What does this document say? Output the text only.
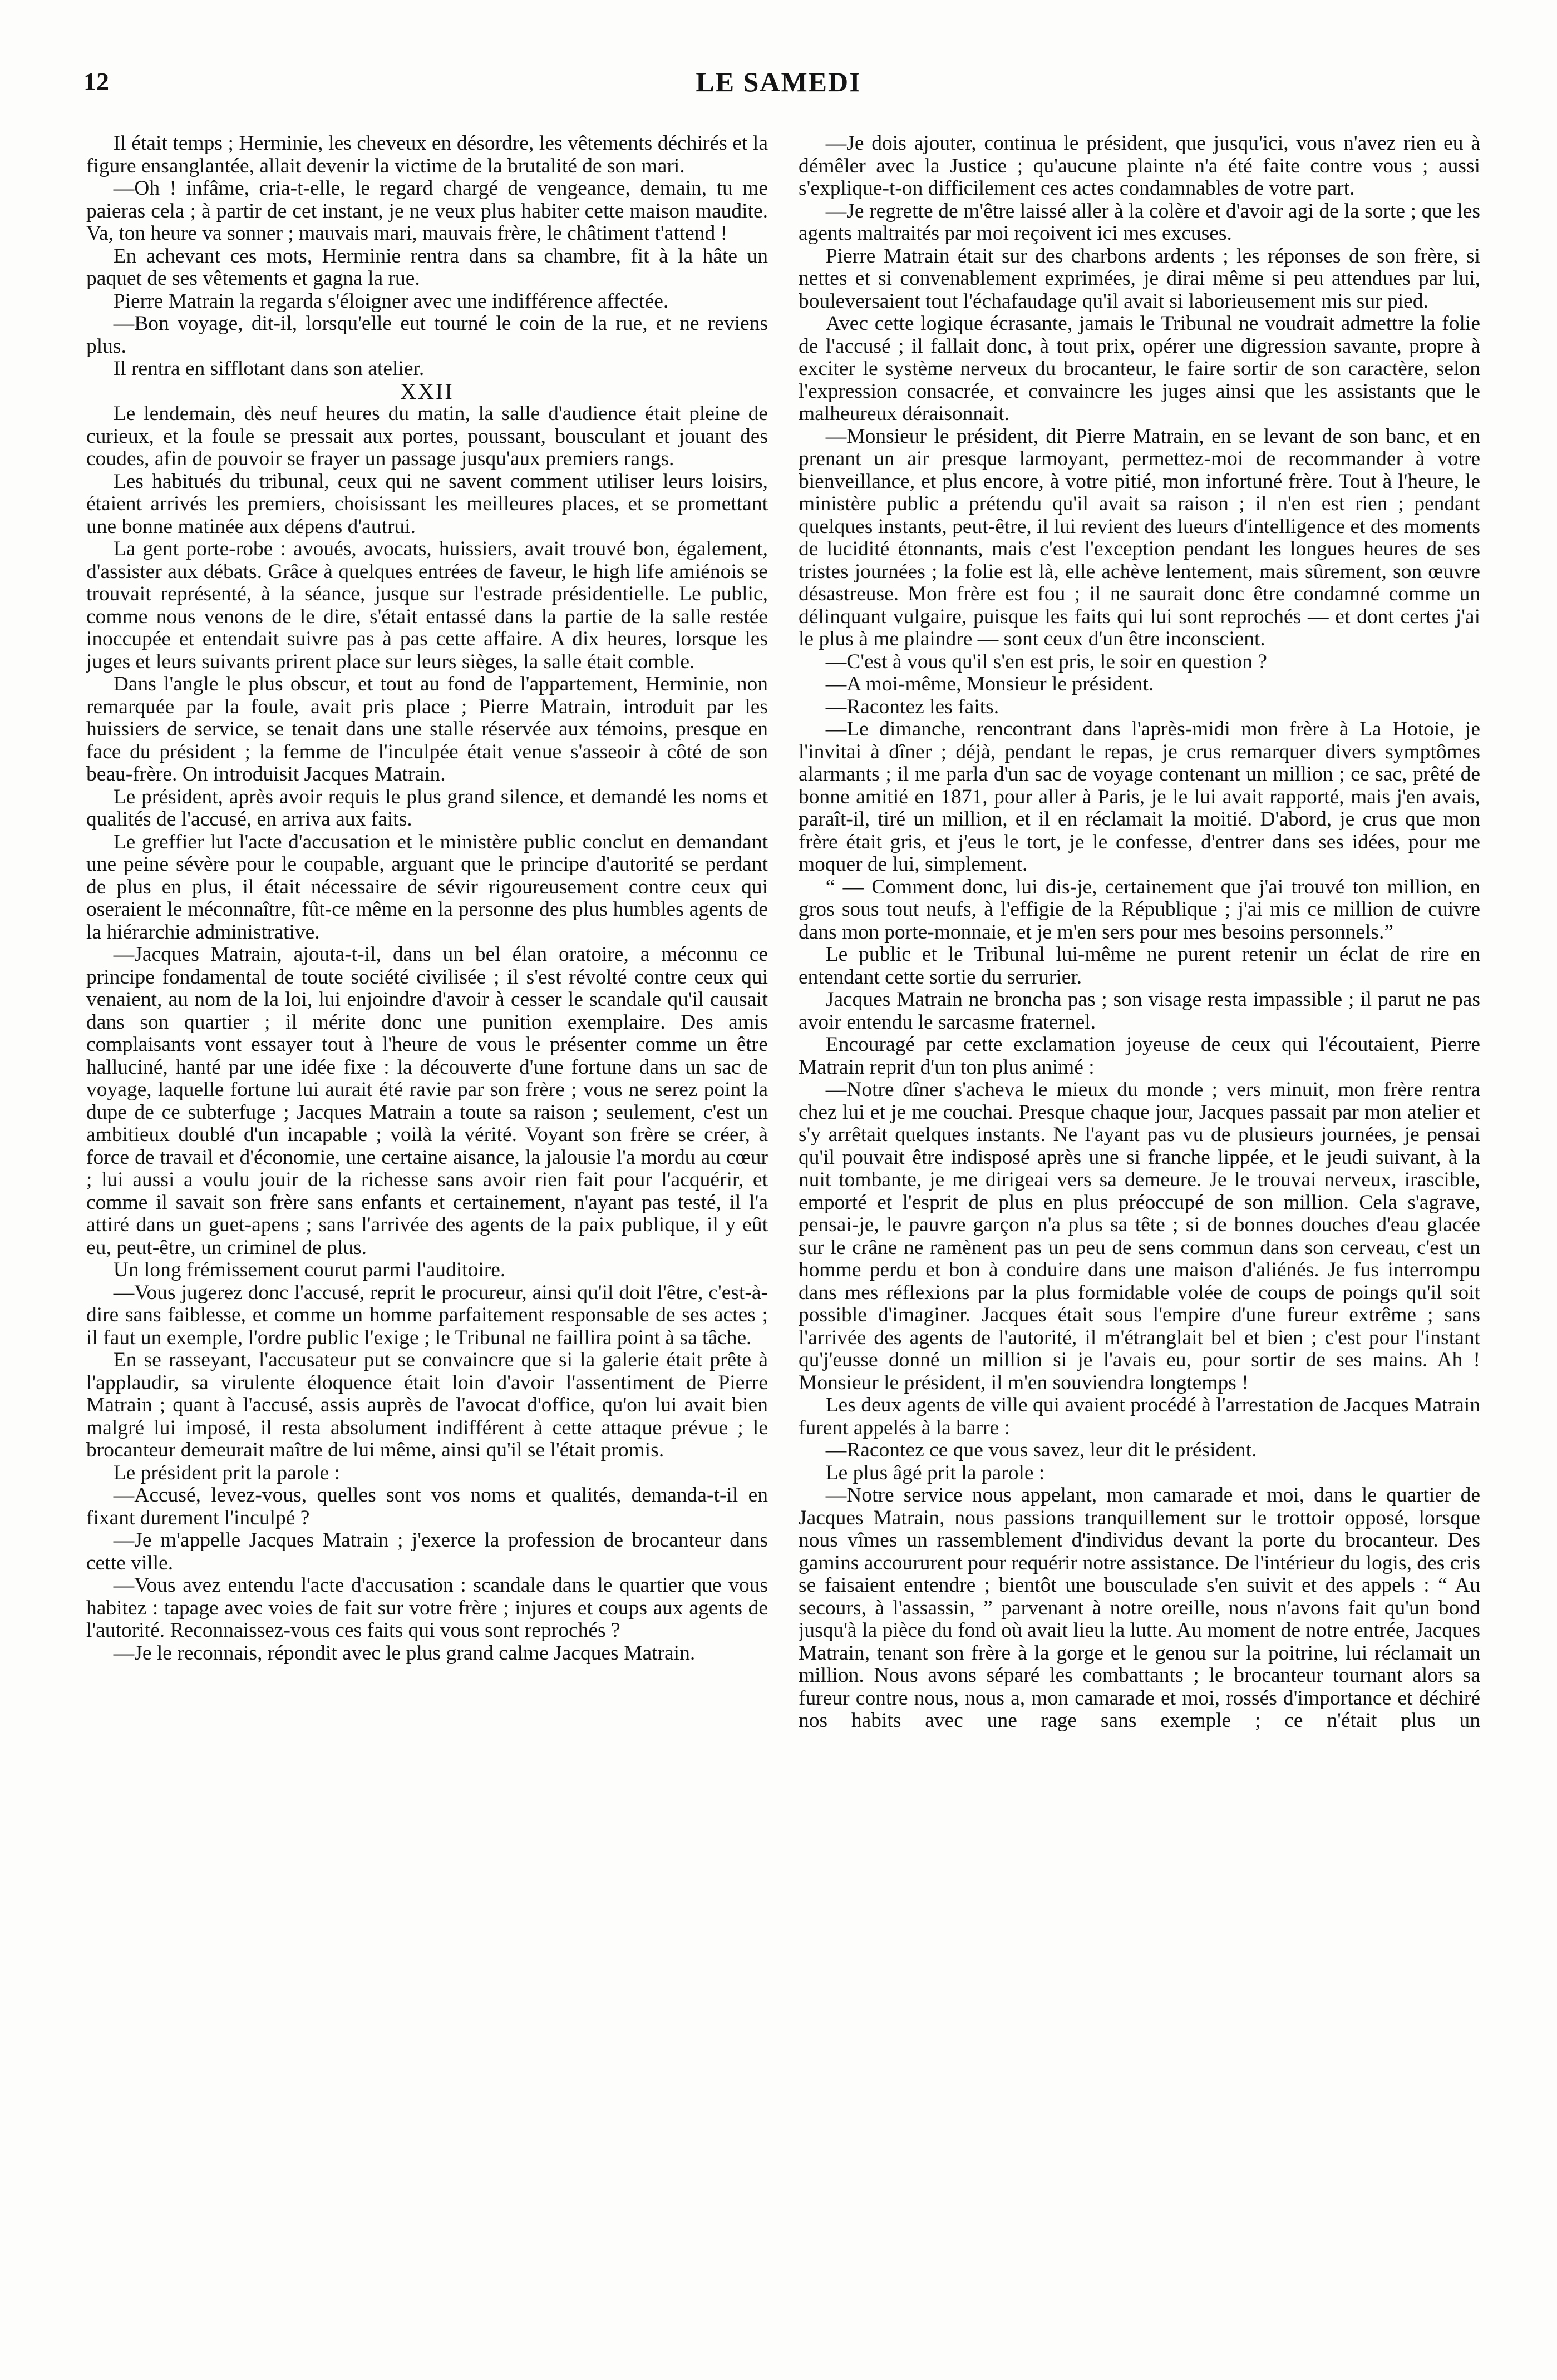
12	LE SAMEDI

Il était temps ; Herminie, les cheveux en désordre, les vêtements déchirés et la figure ensanglantée, allait devenir la victime de la brutalité de son mari.

—Oh ! infâme, cria-t-elle, le regard chargé de vengeance, demain, tu me paieras cela ; à partir de cet instant, je ne veux plus habiter cette maison maudite. Va, ton heure va sonner ; mauvais mari, mauvais frère, le châtiment t'attend !

En achevant ces mots, Herminie rentra dans sa chambre, fit à la hâte un paquet de ses vêtements et gagna la rue.

Pierre Matrain la regarda s'éloigner avec une indifférence affectée.

—Bon voyage, dit-il, lorsqu'elle eut tourné le coin de la rue, et ne reviens plus.

Il rentra en sifflotant dans son atelier.

XXII

Le lendemain, dès neuf heures du matin, la salle d'audience était pleine de curieux, et la foule se pressait aux portes, poussant, bousculant et jouant des coudes, afin de pouvoir se frayer un passage jusqu'aux premiers rangs.

Les habitués du tribunal, ceux qui ne savent comment utiliser leurs loisirs, étaient arrivés les premiers, choisissant les meilleures places, et se promettant une bonne matinée aux dépens d'autrui.

La gent porte-robe : avoués, avocats, huissiers, avait trouvé bon, également, d'assister aux débats. Grâce à quelques entrées de faveur, le high life amiénois se trouvait représenté, à la séance, jusque sur l'estrade présidentielle. Le public, comme nous venons de le dire, s'était entassé dans la partie de la salle restée inoccupée et entendait suivre pas à pas cette affaire. A dix heures, lorsque les juges et leurs suivants prirent place sur leurs sièges, la salle était comble.

Dans l'angle le plus obscur, et tout au fond de l'appartement, Herminie, non remarquée par la foule, avait pris place ; Pierre Matrain, introduit par les huissiers de service, se tenait dans une stalle réservée aux témoins, presque en face du président ; la femme de l'inculpée était venue s'asseoir à côté de son beau-frère. On introduisit Jacques Matrain.

Le président, après avoir requis le plus grand silence, et demandé les noms et qualités de l'accusé, en arriva aux faits.

Le greffier lut l'acte d'accusation et le ministère public conclut en demandant une peine sévère pour le coupable, arguant que le principe d'autorité se perdant de plus en plus, il était nécessaire de sévir rigoureusement contre ceux qui oseraient le méconnaître, fût-ce même en la personne des plus humbles agents de la hiérarchie administrative.

—Jacques Matrain, ajouta-t-il, dans un bel élan oratoire, a méconnu ce principe fondamental de toute société civilisée ; il s'est révolté contre ceux qui venaient, au nom de la loi, lui enjoindre d'avoir à cesser le scandale qu'il causait dans son quartier ; il mérite donc une punition exemplaire. Des amis complaisants vont essayer tout à l'heure de vous le présenter comme un être halluciné, hanté par une idée fixe : la découverte d'une fortune dans un sac de voyage, laquelle fortune lui aurait été ravie par son frère ; vous ne serez point la dupe de ce subterfuge ; Jacques Matrain a toute sa raison ; seulement, c'est un ambitieux doublé d'un incapable ; voilà la vérité. Voyant son frère se créer, à force de travail et d'économie, une certaine aisance, la jalousie l'a mordu au cœur ; lui aussi a voulu jouir de la richesse sans avoir rien fait pour l'acquérir, et comme il savait son frère sans enfants et certainement, n'ayant pas testé, il l'a attiré dans un guet-apens ; sans l'arrivée des agents de la paix publique, il y eût eu, peut-être, un criminel de plus.

Un long frémissement courut parmi l'auditoire.

—Vous jugerez donc l'accusé, reprit le procureur, ainsi qu'il doit l'être, c'est-à-dire sans faiblesse, et comme un homme parfaitement responsable de ses actes ; il faut un exemple, l'ordre public l'exige ; le Tribunal ne faillira point à sa tâche.

En se rasseyant, l'accusateur put se convaincre que si la galerie était prête à l'applaudir, sa virulente éloquence était loin d'avoir l'assentiment de Pierre Matrain ; quant à l'accusé, assis auprès de l'avocat d'office, qu'on lui avait bien malgré lui imposé, il resta absolument indifférent à cette attaque prévue ; le brocanteur demeurait maître de lui même, ainsi qu'il se l'était promis.

Le président prit la parole :

—Accusé, levez-vous, quelles sont vos noms et qualités, demanda-t-il en fixant durement l'inculpé ?

—Je m'appelle Jacques Matrain ; j'exerce la profession de brocanteur dans cette ville.

—Vous avez entendu l'acte d'accusation : scandale dans le quartier que vous habitez : tapage avec voies de fait sur votre frère ; injures et coups aux agents de l'autorité. Reconnaissez-vous ces faits qui vous sont reprochés ?

—Je le reconnais, répondit avec le plus grand calme Jacques Matrain.

—Je dois ajouter, continua le président, que jusqu'ici, vous n'avez rien eu à démêler avec la Justice ; qu'aucune plainte n'a été faite contre vous ; aussi s'explique-t-on difficilement ces actes condamnables de votre part.

—Je regrette de m'être laissé aller à la colère et d'avoir agi de la sorte ; que les agents maltraités par moi reçoivent ici mes excuses.

Pierre Matrain était sur des charbons ardents ; les réponses de son frère, si nettes et si convenablement exprimées, je dirai même si peu attendues par lui, bouleversaient tout l'échafaudage qu'il avait si laborieusement mis sur pied.

Avec cette logique écrasante, jamais le Tribunal ne voudrait admettre la folie de l'accusé ; il fallait donc, à tout prix, opérer une digression savante, propre à exciter le système nerveux du brocanteur, le faire sortir de son caractère, selon l'expression consacrée, et convaincre les juges ainsi que les assistants que le malheureux déraisonnait.

—Monsieur le président, dit Pierre Matrain, en se levant de son banc, et en prenant un air presque larmoyant, permettez-moi de recommander à votre bienveillance, et plus encore, à votre pitié, mon infortuné frère. Tout à l'heure, le ministère public a prétendu qu'il avait sa raison ; il n'en est rien ; pendant quelques instants, peut-être, il lui revient des lueurs d'intelligence et des moments de lucidité étonnants, mais c'est l'exception pendant les longues heures de ses tristes journées ; la folie est là, elle achève lentement, mais sûrement, son œuvre désastreuse. Mon frère est fou ; il ne saurait donc être condamné comme un délinquant vulgaire, puisque les faits qui lui sont reprochés — et dont certes j'ai le plus à me plaindre — sont ceux d'un être inconscient.

—C'est à vous qu'il s'en est pris, le soir en question ?

—A moi-même, Monsieur le président.

—Racontez les faits.

—Le dimanche, rencontrant dans l'après-midi mon frère à La Hotoie, je l'invitai à dîner ; déjà, pendant le repas, je crus remarquer divers symptômes alarmants ; il me parla d'un sac de voyage contenant un million ; ce sac, prêté de bonne amitié en 1871, pour aller à Paris, je le lui avait rapporté, mais j'en avais, paraît-il, tiré un million, et il en réclamait la moitié. D'abord, je crus que mon frère était gris, et j'eus le tort, je le confesse, d'entrer dans ses idées, pour me moquer de lui, simplement.

“ — Comment donc, lui dis-je, certainement que j'ai trouvé ton million, en gros sous tout neufs, à l'effigie de la République ; j'ai mis ce million de cuivre dans mon porte-monnaie, et je m'en sers pour mes besoins personnels.”

Le public et le Tribunal lui-même ne purent retenir un éclat de rire en entendant cette sortie du serrurier.

Jacques Matrain ne broncha pas ; son visage resta impassible ; il parut ne pas avoir entendu le sarcasme fraternel.

Encouragé par cette exclamation joyeuse de ceux qui l'écoutaient, Pierre Matrain reprit d'un ton plus animé :

—Notre dîner s'acheva le mieux du monde ; vers minuit, mon frère rentra chez lui et je me couchai. Presque chaque jour, Jacques passait par mon atelier et s'y arrêtait quelques instants. Ne l'ayant pas vu de plusieurs journées, je pensai qu'il pouvait être indisposé après une si franche lippée, et le jeudi suivant, à la nuit tombante, je me dirigeai vers sa demeure. Je le trouvai nerveux, irascible, emporté et l'esprit de plus en plus préoccupé de son million. Cela s'agrave, pensai-je, le pauvre garçon n'a plus sa tête ; si de bonnes douches d'eau glacée sur le crâne ne ramènent pas un peu de sens commun dans son cerveau, c'est un homme perdu et bon à conduire dans une maison d'aliénés. Je fus interrompu dans mes réflexions par la plus formidable volée de coups de poings qu'il soit possible d'imaginer. Jacques était sous l'empire d'une fureur extrême ; sans l'arrivée des agents de l'autorité, il m'étranglait bel et bien ; c'est pour l'instant qu'j'eusse donné un million si je l'avais eu, pour sortir de ses mains. Ah ! Monsieur le président, il m'en souviendra longtemps !

Les deux agents de ville qui avaient procédé à l'arrestation de Jacques Matrain furent appelés à la barre :

—Racontez ce que vous savez, leur dit le président.

Le plus âgé prit la parole :

—Notre service nous appelant, mon camarade et moi, dans le quartier de Jacques Matrain, nous passions tranquillement sur le trottoir opposé, lorsque nous vîmes un rassemblement d'individus devant la porte du brocanteur. Des gamins accoururent pour requérir notre assistance. De l'intérieur du logis, des cris se faisaient entendre ; bientôt une bousculade s'en suivit et des appels : “ Au secours, à l'assassin, ” parvenant à notre oreille, nous n'avons fait qu'un bond jusqu'à la pièce du fond où avait lieu la lutte. Au moment de notre entrée, Jacques Matrain, tenant son frère à la gorge et le genou sur la poitrine, lui réclamait un million. Nous avons séparé les combattants ; le brocanteur tournant alors sa fureur contre nous, nous a, mon camarade et moi, rossés d'importance et déchiré nos habits avec une rage sans exemple ; ce n'était plus un
